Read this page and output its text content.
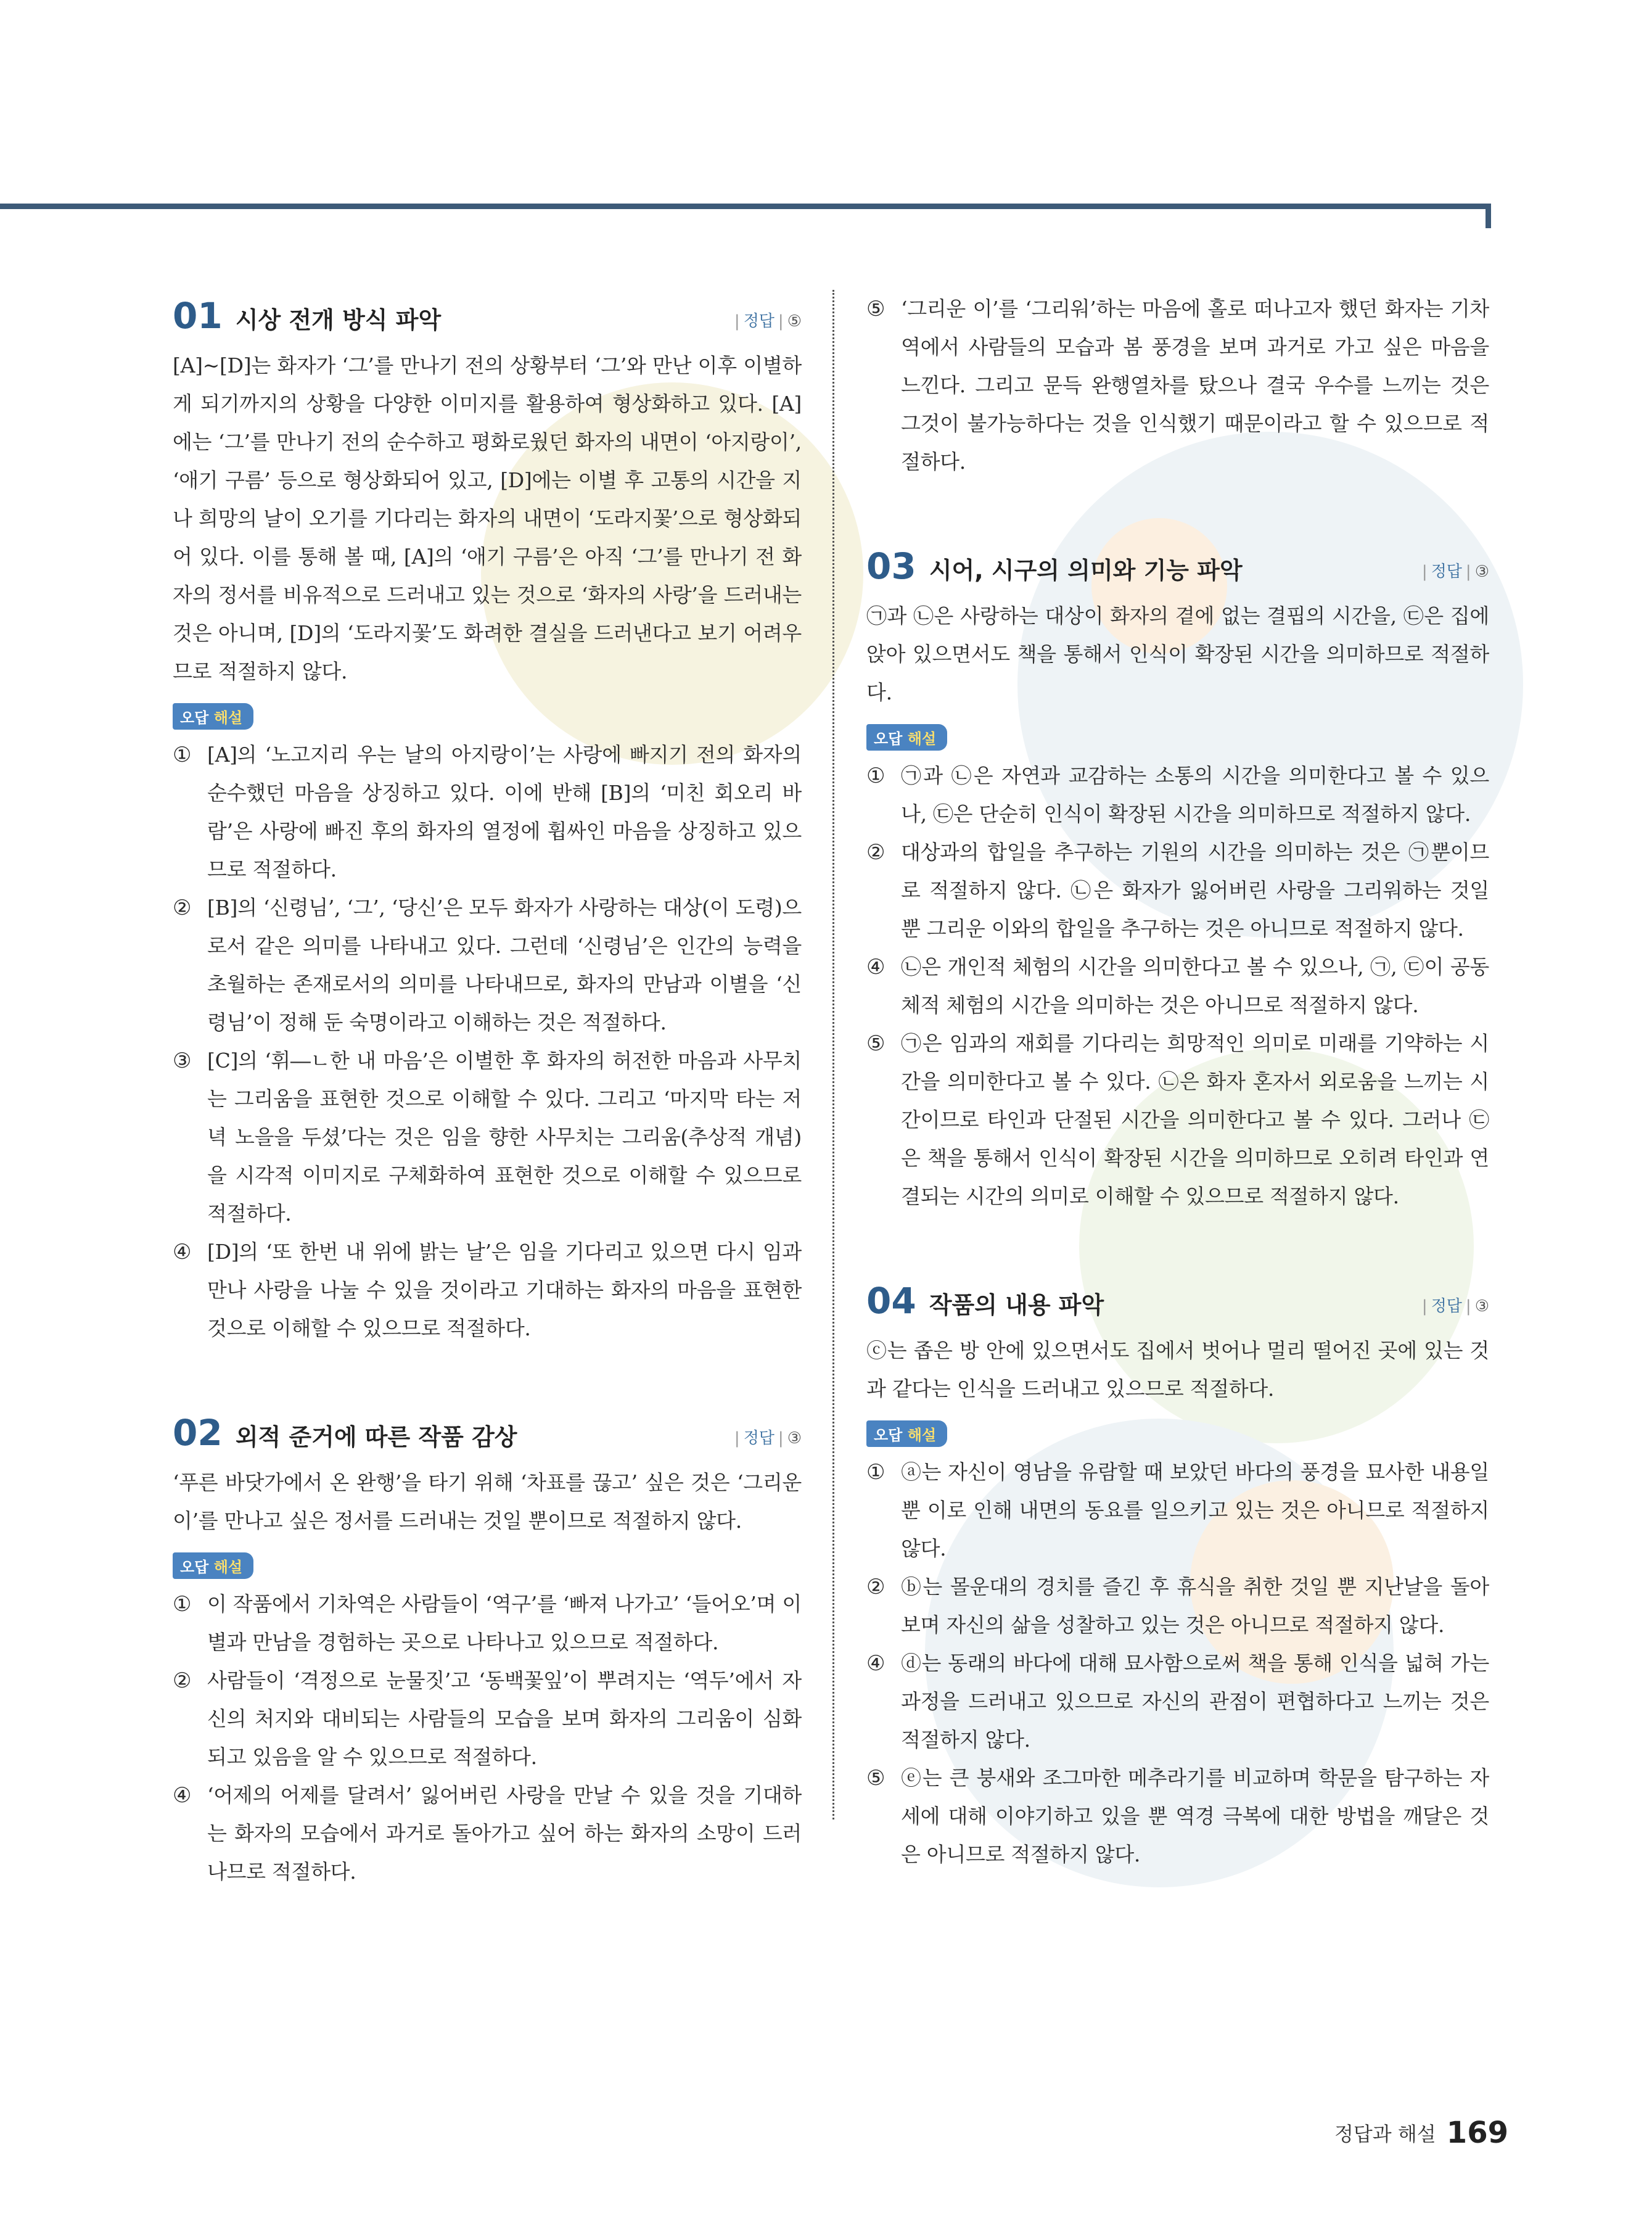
01 시상 전개 방식 파악	| 정답 | ⑤

[A]~[D]는 화자가 ‘그’를 만나기 전의 상황부터 ‘그’와 만난 이후 이별하게 되기까지의 상황을 다양한 이미지를 활용하여 형상화하고 있다. [A]에는 ‘그’를 만나기 전의 순수하고 평화로웠던 화자의 내면이 ‘아지랑이’, ‘애기 구름’ 등으로 형상화되어 있고, [D]에는 이별 후 고통의 시간을 지나 희망의 날이 오기를 기다리는 화자의 내면이 ‘도라지꽃’으로 형상화되어 있다. 이를 통해 볼 때, [A]의 ‘애기 구름’은 아직 ‘그’를 만나기 전 화자의 정서를 비유적으로 드러내고 있는 것으로 ‘화자의 사랑’을 드러내는 것은 아니며, [D]의 ‘도라지꽃’도 화려한 결실을 드러낸다고 보기 어려우므로 적절하지 않다.

오답 해설
① [A]의 ‘노고지리 우는 날의 아지랑이’는 사랑에 빠지기 전의 화자의 순수했던 마음을 상징하고 있다. 이에 반해 [B]의 ‘미친 회오리 바람’은 사랑에 빠진 후의 화자의 열정에 휩싸인 마음을 상징하고 있으므로 적절하다.
② [B]의 ‘신령님’, ‘그’, ‘당신’은 모두 화자가 사랑하는 대상(이 도령)으로서 같은 의미를 나타내고 있다. 그런데 ‘신령님’은 인간의 능력을 초월하는 존재로서의 의미를 나타내므로, 화자의 만남과 이별을 ‘신령님’이 정해 둔 숙명이라고 이해하는 것은 적절하다.
③ [C]의 ‘휘―ㄴ한 내 마음’은 이별한 후 화자의 허전한 마음과 사무치는 그리움을 표현한 것으로 이해할 수 있다. 그리고 ‘마지막 타는 저녁 노을을 두셨’다는 것은 임을 향한 사무치는 그리움(추상적 개념)을 시각적 이미지로 구체화하여 표현한 것으로 이해할 수 있으므로 적절하다.
④ [D]의 ‘또 한번 내 위에 밝는 날’은 임을 기다리고 있으면 다시 임과 만나 사랑을 나눌 수 있을 것이라고 기대하는 화자의 마음을 표현한 것으로 이해할 수 있으므로 적절하다.
02 외적 준거에 따른 작품 감상	| 정답 | ③

‘푸른 바닷가에서 온 완행’을 타기 위해 ‘차표를 끊고’ 싶은 것은 ‘그리운 이’를 만나고 싶은 정서를 드러내는 것일 뿐이므로 적절하지 않다.

오답 해설
① 이 작품에서 기차역은 사람들이 ‘역구’를 ‘빠져 나가고’ ‘들어오’며 이별과 만남을 경험하는 곳으로 나타나고 있으므로 적절하다.
② 사람들이 ‘격정으로 눈물짓’고 ‘동백꽃잎’이 뿌려지는 ‘역두’에서 자신의 처지와 대비되는 사람들의 모습을 보며 화자의 그리움이 심화되고 있음을 알 수 있으므로 적절하다.
④ ‘어제의 어제를 달려서’ 잃어버린 사랑을 만날 수 있을 것을 기대하는 화자의 모습에서 과거로 돌아가고 싶어 하는 화자의 소망이 드러나므로 적절하다.
⑤ ‘그리운 이’를 ‘그리워’하는 마음에 홀로 떠나고자 했던 화자는 기차역에서 사람들의 모습과 봄 풍경을 보며 과거로 가고 싶은 마음을 느낀다. 그리고 문득 완행열차를 탔으나 결국 우수를 느끼는 것은 그것이 불가능하다는 것을 인식했기 때문이라고 할 수 있으므로 적절하다.
03 시어, 시구의 의미와 기능 파악	| 정답 | ③

㉠과 ㉡은 사랑하는 대상이 화자의 곁에 없는 결핍의 시간을, ㉢은 집에 앉아 있으면서도 책을 통해서 인식이 확장된 시간을 의미하므로 적절하다.

오답 해설
① ㉠과 ㉡은 자연과 교감하는 소통의 시간을 의미한다고 볼 수 있으나, ㉢은 단순히 인식이 확장된 시간을 의미하므로 적절하지 않다.
② 대상과의 합일을 추구하는 기원의 시간을 의미하는 것은 ㉠뿐이므로 적절하지 않다. ㉡은 화자가 잃어버린 사랑을 그리워하는 것일 뿐 그리운 이와의 합일을 추구하는 것은 아니므로 적절하지 않다.
④ ㉡은 개인적 체험의 시간을 의미한다고 볼 수 있으나, ㉠, ㉢이 공동체적 체험의 시간을 의미하는 것은 아니므로 적절하지 않다.
⑤ ㉠은 임과의 재회를 기다리는 희망적인 의미로 미래를 기약하는 시간을 의미한다고 볼 수 있다. ㉡은 화자 혼자서 외로움을 느끼는 시간이므로 타인과 단절된 시간을 의미한다고 볼 수 있다. 그러나 ㉢은 책을 통해서 인식이 확장된 시간을 의미하므로 오히려 타인과 연결되는 시간의 의미로 이해할 수 있으므로 적절하지 않다.
04 작품의 내용 파악	| 정답 | ③

ⓒ는 좁은 방 안에 있으면서도 집에서 벗어나 멀리 떨어진 곳에 있는 것과 같다는 인식을 드러내고 있으므로 적절하다.

오답 해설
① ⓐ는 자신이 영남을 유람할 때 보았던 바다의 풍경을 묘사한 내용일 뿐 이로 인해 내면의 동요를 일으키고 있는 것은 아니므로 적절하지 않다.
② ⓑ는 몰운대의 경치를 즐긴 후 휴식을 취한 것일 뿐 지난날을 돌아보며 자신의 삶을 성찰하고 있는 것은 아니므로 적절하지 않다.
④ ⓓ는 동래의 바다에 대해 묘사함으로써 책을 통해 인식을 넓혀 가는 과정을 드러내고 있으므로 자신의 관점이 편협하다고 느끼는 것은 적절하지 않다.
⑤ ⓔ는 큰 붕새와 조그마한 메추라기를 비교하며 학문을 탐구하는 자세에 대해 이야기하고 있을 뿐 역경 극복에 대한 방법을 깨달은 것은 아니므로 적절하지 않다.
정답과 해설 169
